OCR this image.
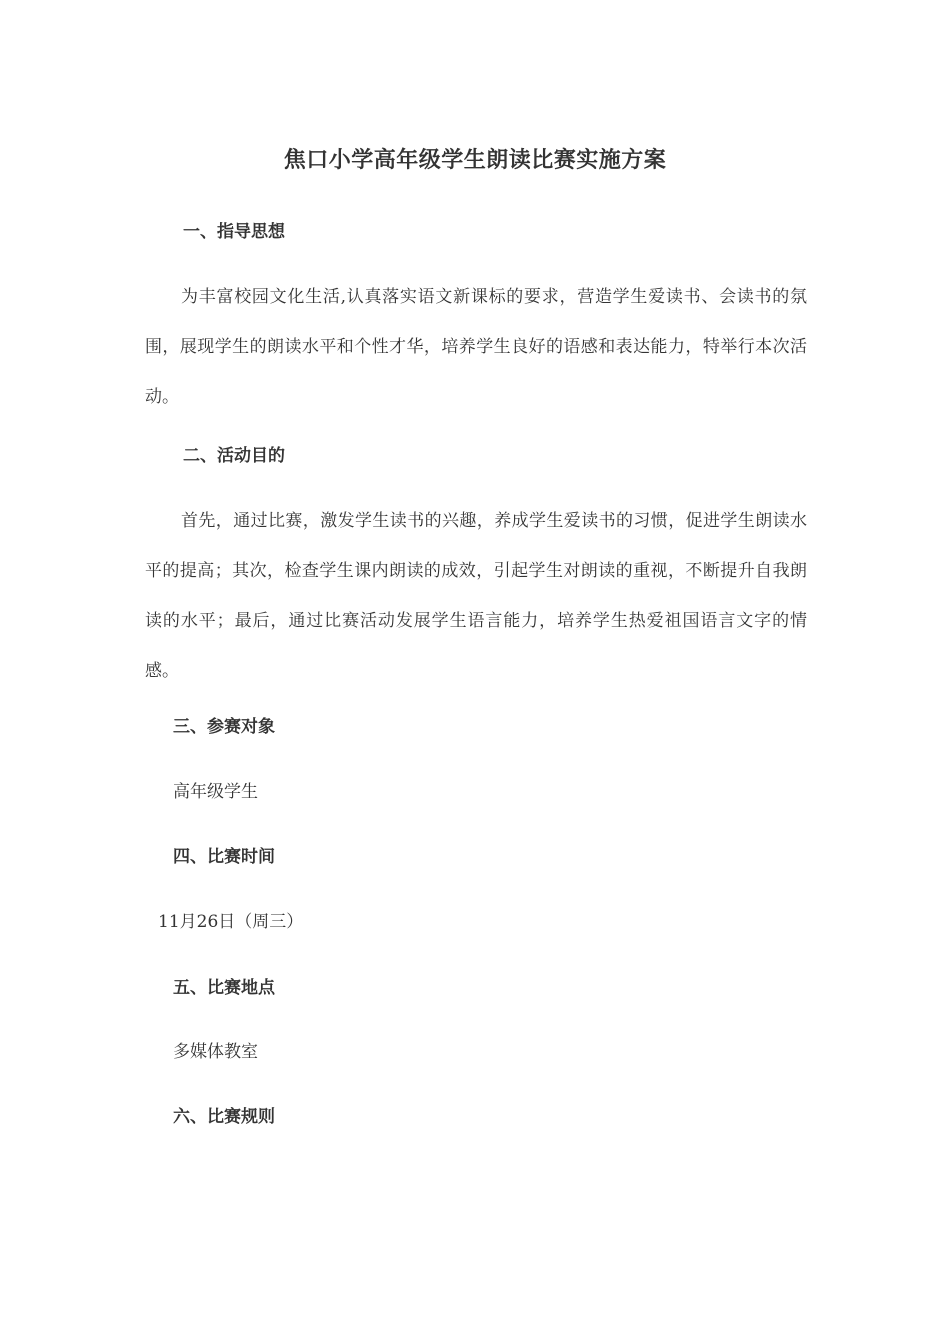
焦口小学高年级学生朗读比赛实施方案
一、指导思想

为丰富校园文化生活,认真落实语文新课标的要求，营造学生爱读书、会读书的氛围，展现学生的朗读水平和个性才华，培养学生良好的语感和表达能力，特举行本次活动。

二、活动目的

首先，通过比赛，激发学生读书的兴趣，养成学生爱读书的习惯，促进学生朗读水平的提高；其次，检查学生课内朗读的成效，引起学生对朗读的重视，不断提升自我朗读的水平；最后，通过比赛活动发展学生语言能力，培养学生热爱祖国语言文字的情感。

三、参赛对象
高年级学生
四、比赛时间
11月26日（周三）
五、比赛地点
多媒体教室
六、比赛规则
